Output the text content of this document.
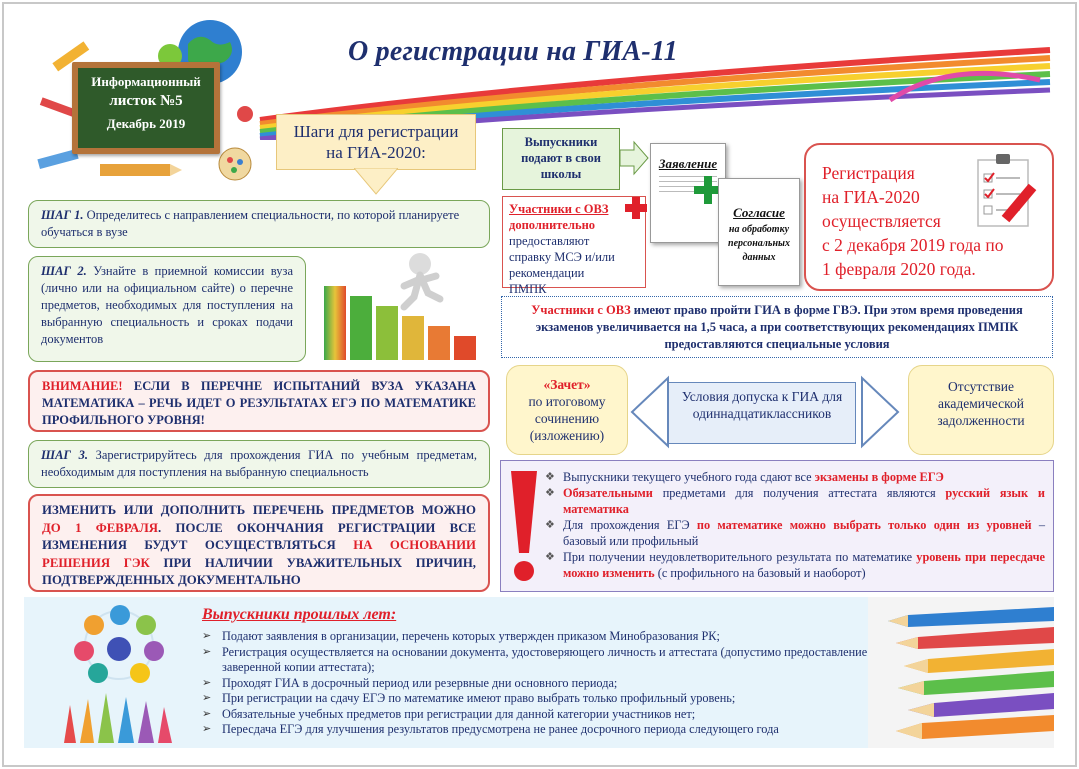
Информационный
листок №5
Декабрь 2019
О регистрации на ГИА-11
Шаги для регистрации
на ГИА-2020:
ШАГ 1. Определитесь с направлением специальности, по которой планируете обучаться в вузе
ШАГ 2. Узнайте в приемной комиссии вуза (лично или на официальном сайте) о перечне предметов, необходимых для поступления на выбранную специальность и сроках подачи документов
ВНИМАНИЕ! ЕСЛИ В ПЕРЕЧНЕ ИСПЫТАНИЙ ВУЗА УКАЗАНА МАТЕМАТИКА – РЕЧЬ ИДЕТ О РЕЗУЛЬТАТАХ ЕГЭ ПО МАТЕМАТИКЕ ПРОФИЛЬНОГО УРОВНЯ!
ШАГ 3. Зарегистрируйтесь для прохождения ГИА по учебным предметам, необходимым для поступления на выбранную специальность
ИЗМЕНИТЬ ИЛИ ДОПОЛНИТЬ ПЕРЕЧЕНЬ ПРЕДМЕТОВ МОЖНО ДО 1 ФЕВРАЛЯ. ПОСЛЕ ОКОНЧАНИЯ РЕГИСТРАЦИИ ВСЕ ИЗМЕНЕНИЯ БУДУТ ОСУЩЕСТВЛЯТЬСЯ НА ОСНОВАНИИ РЕШЕНИЯ ГЭК ПРИ НАЛИЧИИ УВАЖИТЕЛЬНЫХ ПРИЧИН, ПОДТВЕРЖДЕННЫХ ДОКУМЕНТАЛЬНО
Выпускники подают в свои школы
Участники с ОВЗ
дополнительно
предоставляют справку МСЭ и/или рекомендации ПМПК
Заявление
Согласие
на обработку персональных данных
Регистрация
на ГИА-2020
осуществляется
с 2 декабря 2019 года по
1 февраля 2020 года.
Участники с ОВЗ имеют право пройти ГИА в форме ГВЭ. При этом время проведения экзаменов увеличивается на 1,5 часа, а при соответствующих рекомендациях ПМПК предоставляются специальные условия
«Зачет»
по итоговому сочинению (изложению)
Условия допуска к ГИА для одиннадцатиклассников
Отсутствие академической задолженности
❖ Выпускники текущего учебного года сдают все экзамены в форме ЕГЭ
❖ Обязательными предметами для получения аттестата являются русский язык и математика
❖ Для прохождения ЕГЭ по математике можно выбрать только один из уровней – базовый или профильный
❖ При получении неудовлетворительного результата по математике уровень при пересдаче можно изменить (с профильного на базовый и наоборот)
Выпускники прошлых лет:
➢ Подают заявления в организации, перечень которых утвержден приказом Минобразования РК;
➢ Регистрация осуществляется на основании документа, удостоверяющего личность и аттестата (допустимо предоставление заверенной копии аттестата);
➢ Проходят ГИА в досрочный период или резервные дни основного периода;
➢ При регистрации на сдачу ЕГЭ по математике имеют право выбрать только профильный уровень;
➢ Обязательные учебных предметов при регистрации для данной категории участников нет;
➢ Пересдача ЕГЭ для улучшения результатов предусмотрена не ранее досрочного периода следующего года
